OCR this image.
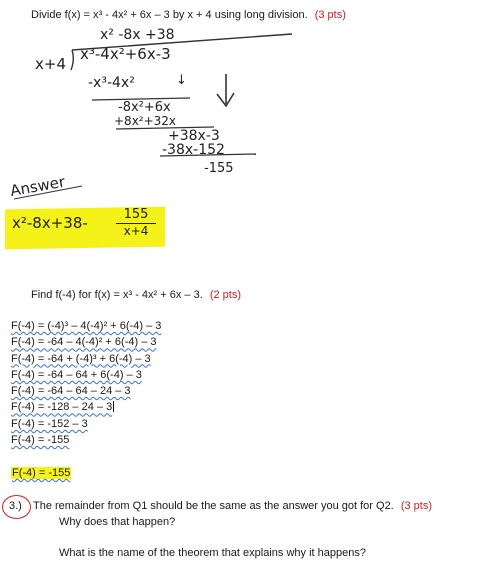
Divide f(x) = x³ - 4x² + 6x – 3 by x + 4 using long division. (3 pts)
x² -8x +38
x+4
x³-4x²+6x-3
-x³-4x²	↓
-8x²+6x
+8x²+32x
+38x-3
-38x-152
-155
Answer
$x^2-8x+38- \frac{155}{x+4}$
Find f(-4) for f(x) = x³ - 4x² + 6x – 3. (2 pts)
F(-4) = (-4)³ – 4(-4)² + 6(-4) – 3
F(-4) = -64 – 4(-4)² + 6(-4) – 3
F(-4) = -64 + (-4)³ + 6(-4) – 3
F(-4) = -64 – 64 + 6(-4) – 3
F(-4) = -64 – 64 – 24 – 3
F(-4) = -128 – 24 – 3
F(-4) = -152 – 3
F(-4) = -155
F(-4) = -155
3.) The remainder from Q1 should be the same as the answer you got for Q2. (3 pts)
Why does that happen?
What is the name of the theorem that explains why it happens?
